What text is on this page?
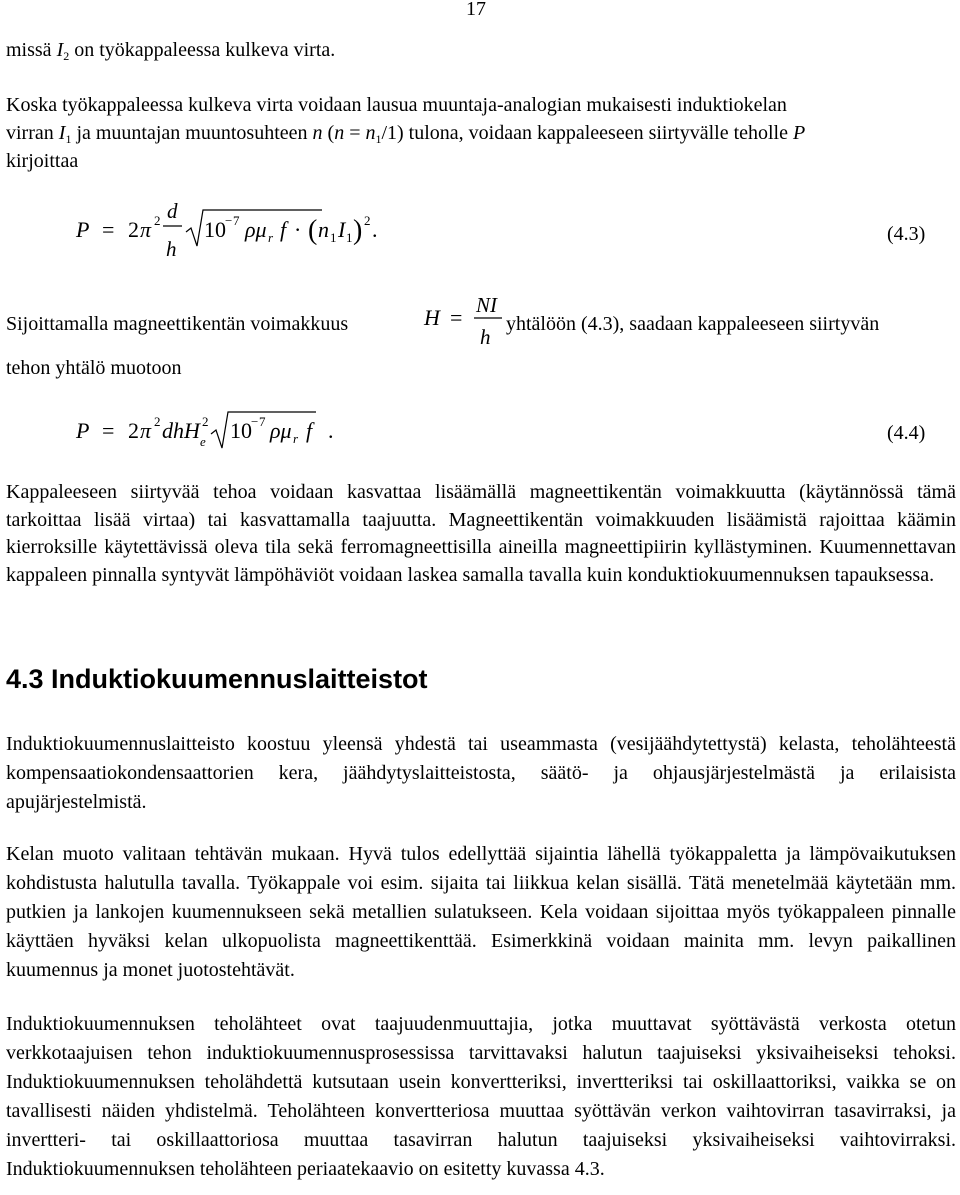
17
missä $I_2$ on työkappaleessa kulkeva virta.
Koska työkappaleessa kulkeva virta voidaan lausua muuntaja-analogian mukaisesti induktiokelan
virran $I_1$ ja muuntajan muuntosuhteen n $(n = n_1/1)$ tulona, voidaan kappaleeseen siirtyvälle teholle P
kirjoittaa
P = 2 π 2 d
h
10 − 7 ρμ r f · ( n 1 I 1 ) 2 .	(4.3)
Sijoittamalla magneettikentän voimakkuus	H = NI
h
yhtälöön (4.3), saadaan kappaleeseen siirtyvän
tehon yhtälö muotoon
P = 2 π 2 dhH 2
e 10 − 7 ρμ r f .	(4.4)
Kappaleeseen siirtyvää tehoa voidaan kasvattaa lisäämällä magneettikentän voimakkuutta (käytännössä tämä tarkoittaa lisää virtaa) tai kasvattamalla taajuutta. Magneettikentän voimakkuuden lisäämistä rajoittaa käämin kierroksille käytettävissä oleva tila sekä ferromagneettisilla aineilla magneettipiirin kyllästyminen. Kuumennettavan kappaleen pinnalla syntyvät lämpöhäviöt voidaan laskea samalla tavalla kuin konduktiokuumennuksen tapauksessa.
4.3 Induktiokuumennuslaitteistot
Induktiokuumennuslaitteisto koostuu yleensä yhdestä tai useammasta (vesijäähdytettystä) kelasta, teholähteestä kompensaatiokondensaattorien kera, jäähdytyslaitteistosta, säätö- ja ohjausjärjestelmästä ja erilaisista apujärjestelmistä.
Kelan muoto valitaan tehtävän mukaan. Hyvä tulos edellyttää sijaintia lähellä työkappaletta ja lämpövaikutuksen kohdistusta halutulla tavalla. Työkappale voi esim. sijaita tai liikkua kelan sisällä. Tätä menetelmää käytetään mm. putkien ja lankojen kuumennukseen sekä metallien sulatukseen. Kela voidaan sijoittaa myös työkappaleen pinnalle käyttäen hyväksi kelan ulkopuolista magneettikenttää. Esimerkkinä voidaan mainita mm. levyn paikallinen kuumennus ja monet juotostehtävät.
Induktiokuumennuksen teholähteet ovat taajuudenmuuttajia, jotka muuttavat syöttävästä verkosta otetun verkkotaajuisen tehon induktiokuumennusprosessissa tarvittavaksi halutun taajuiseksi yksivaiheiseksi tehoksi. Induktiokuumennuksen teholähdettä kutsutaan usein konvertteriksi, invertteriksi tai oskillaattoriksi, vaikka se on tavallisesti näiden yhdistelmä. Teholähteen konvertteriosa muuttaa syöttävän verkon vaihtovirran tasavirraksi, ja invertteri- tai oskillaattoriosa muuttaa tasavirran halutun taajuiseksi yksivaiheiseksi vaihtovirraksi. Induktiokuumennuksen teholähteen periaatekaavio on esitetty kuvassa 4.3.
